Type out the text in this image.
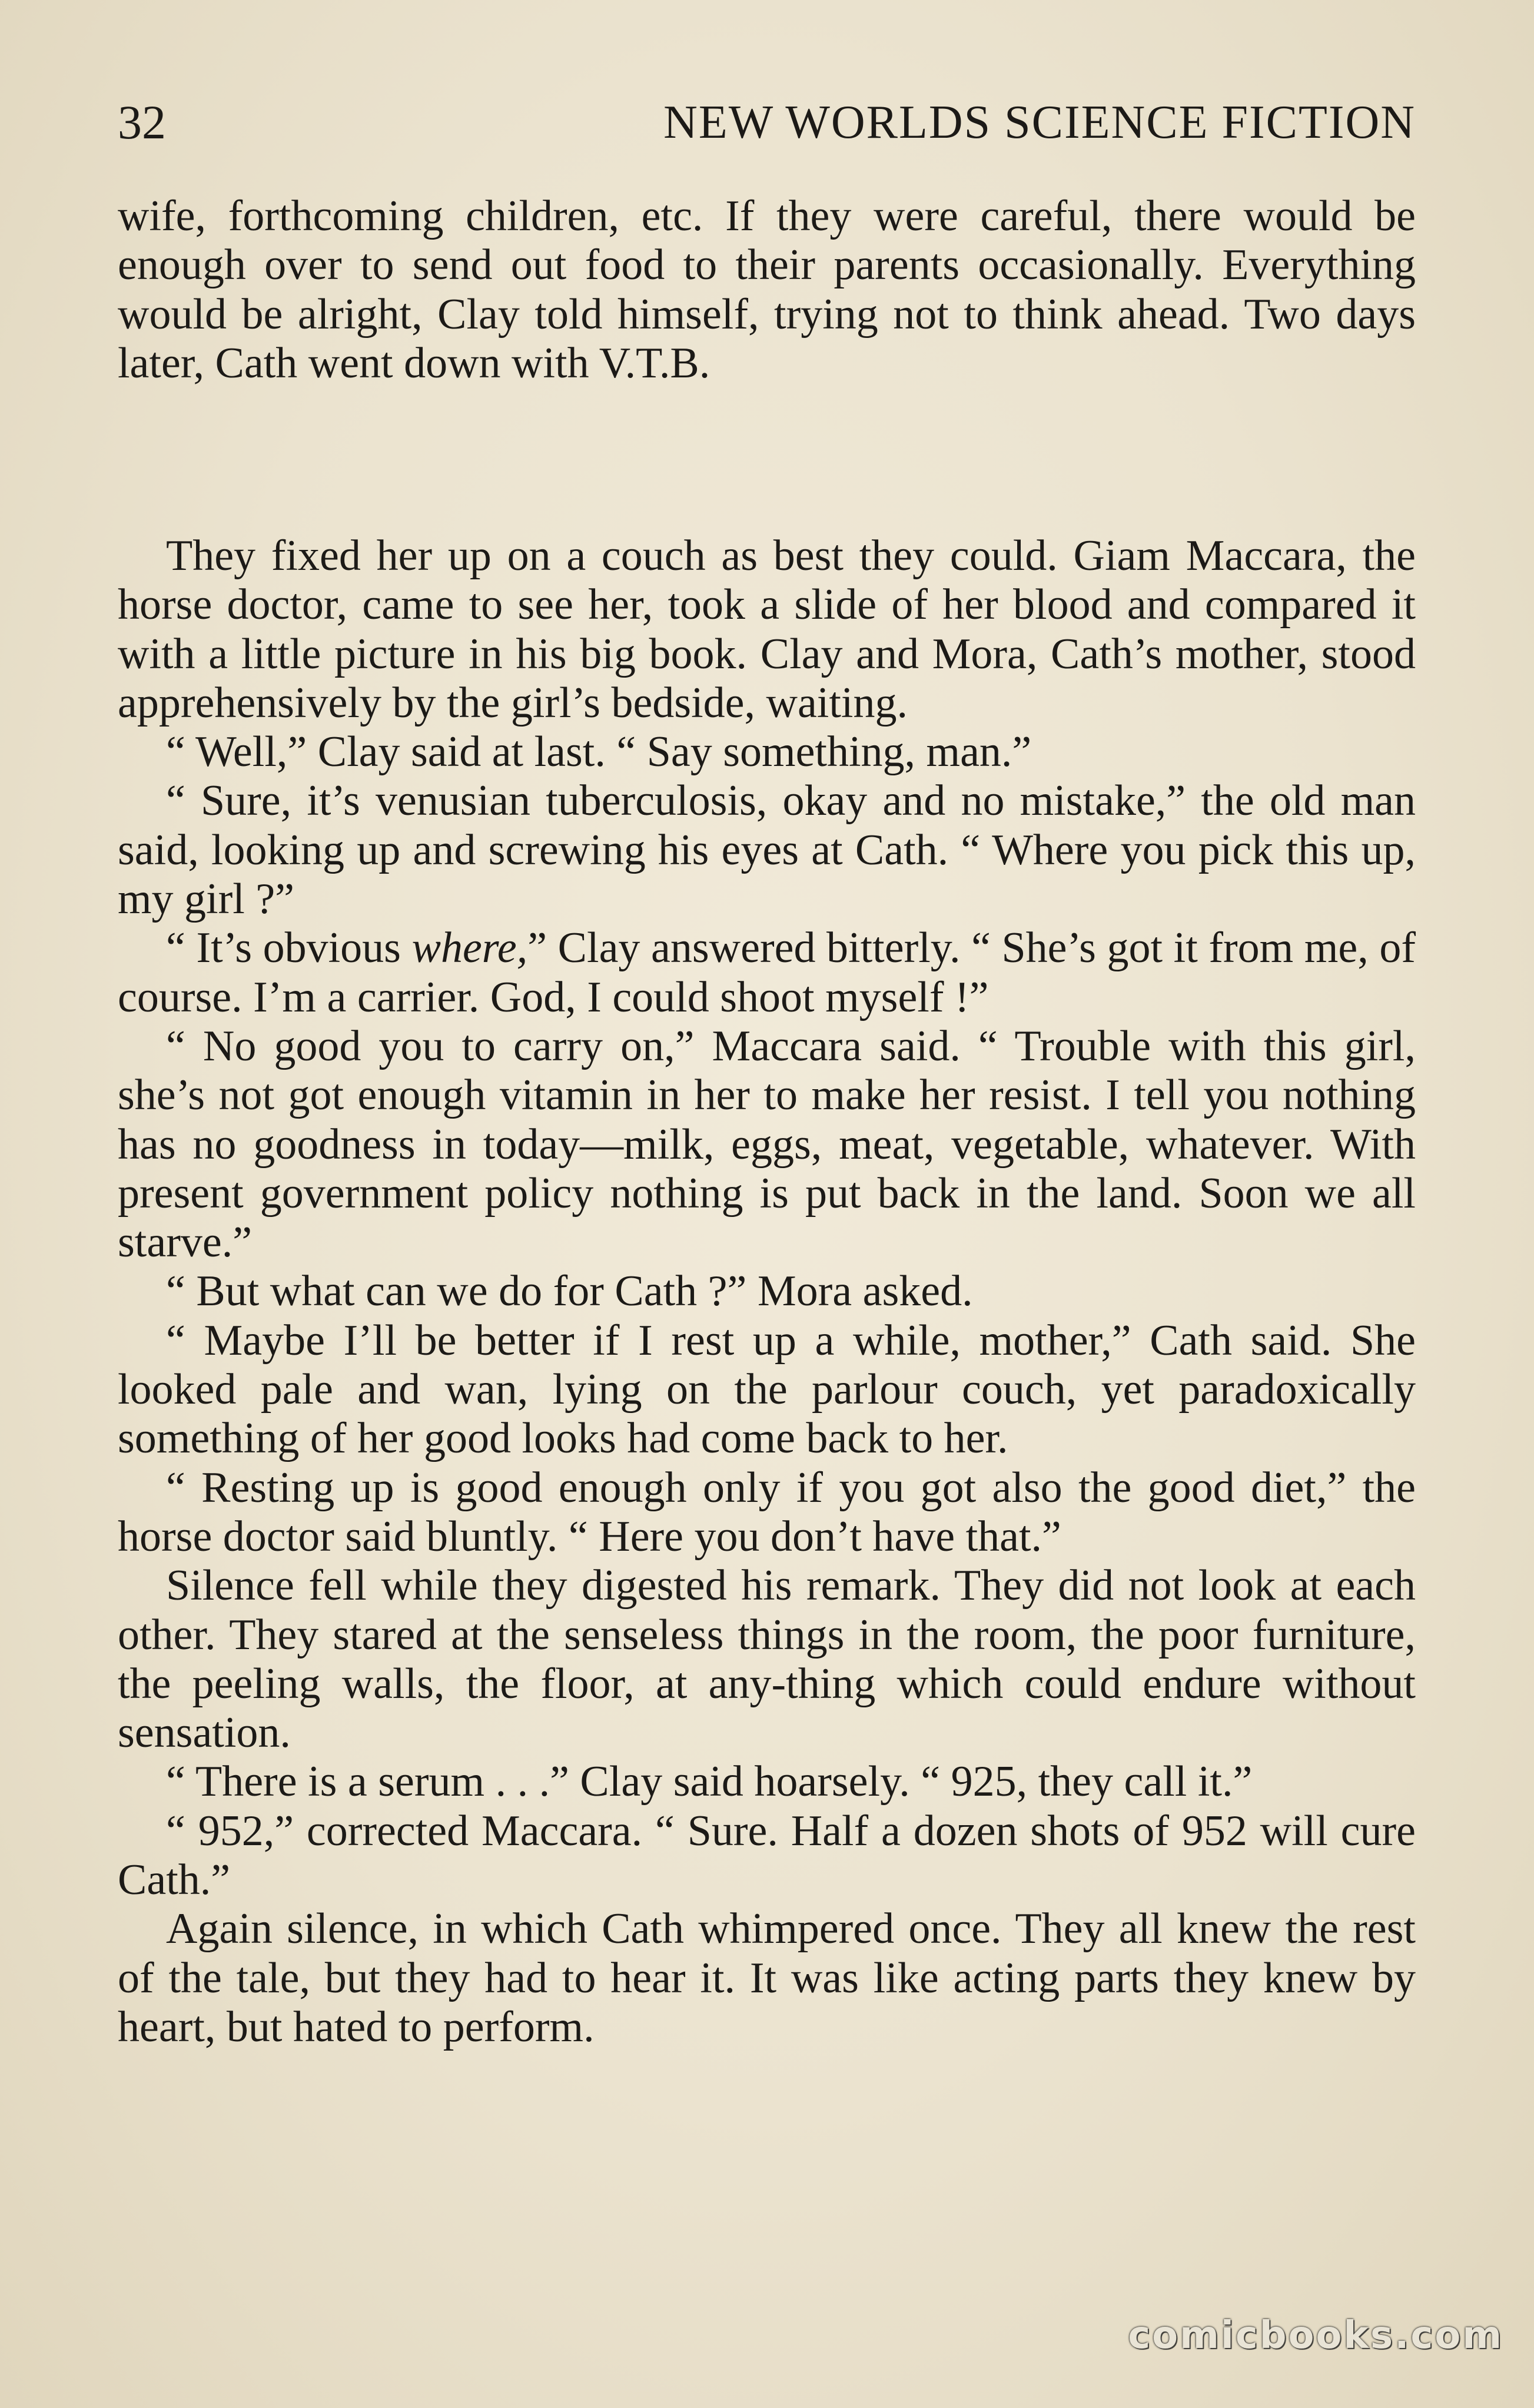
32	NEW WORLDS SCIENCE FICTION

wife, forthcoming children, etc. If they were careful, there would be enough over to send out food to their parents occasionally. Everything would be alright, Clay told himself, trying not to think ahead. Two days later, Cath went down with V.T.B.

They fixed her up on a couch as best they could. Giam Maccara, the horse doctor, came to see her, took a slide of her blood and compared it with a little picture in his big book. Clay and Mora, Cath’s mother, stood apprehensively by the girl’s bedside, waiting.

“ Well,” Clay said at last. “ Say something, man.”

“ Sure, it’s venusian tuberculosis, okay and no mistake,” the old man said, looking up and screwing his eyes at Cath. “ Where you pick this up, my girl ?”

“ It’s obvious where,” Clay answered bitterly. “ She’s got it from me, of course. I’m a carrier. God, I could shoot myself !”

“ No good you to carry on,” Maccara said. “ Trouble with this girl, she’s not got enough vitamin in her to make her resist. I tell you nothing has no goodness in today—milk, eggs, meat, vegetable, whatever. With present government policy nothing is put back in the land. Soon we all starve.”

“ But what can we do for Cath ?” Mora asked.

“ Maybe I’ll be better if I rest up a while, mother,” Cath said. She looked pale and wan, lying on the parlour couch, yet paradoxically something of her good looks had come back to her.

“ Resting up is good enough only if you got also the good diet,” the horse doctor said bluntly. “ Here you don’t have that.”

Silence fell while they digested his remark. They did not look at each other. They stared at the senseless things in the room, the poor furniture, the peeling walls, the floor, at any-thing which could endure without sensation.

“ There is a serum . . .” Clay said hoarsely. “ 925, they call it.”

“ 952,” corrected Maccara. “ Sure. Half a dozen shots of 952 will cure Cath.”

Again silence, in which Cath whimpered once. They all knew the rest of the tale, but they had to hear it. It was like acting parts they knew by heart, but hated to perform.

comicbooks.com
